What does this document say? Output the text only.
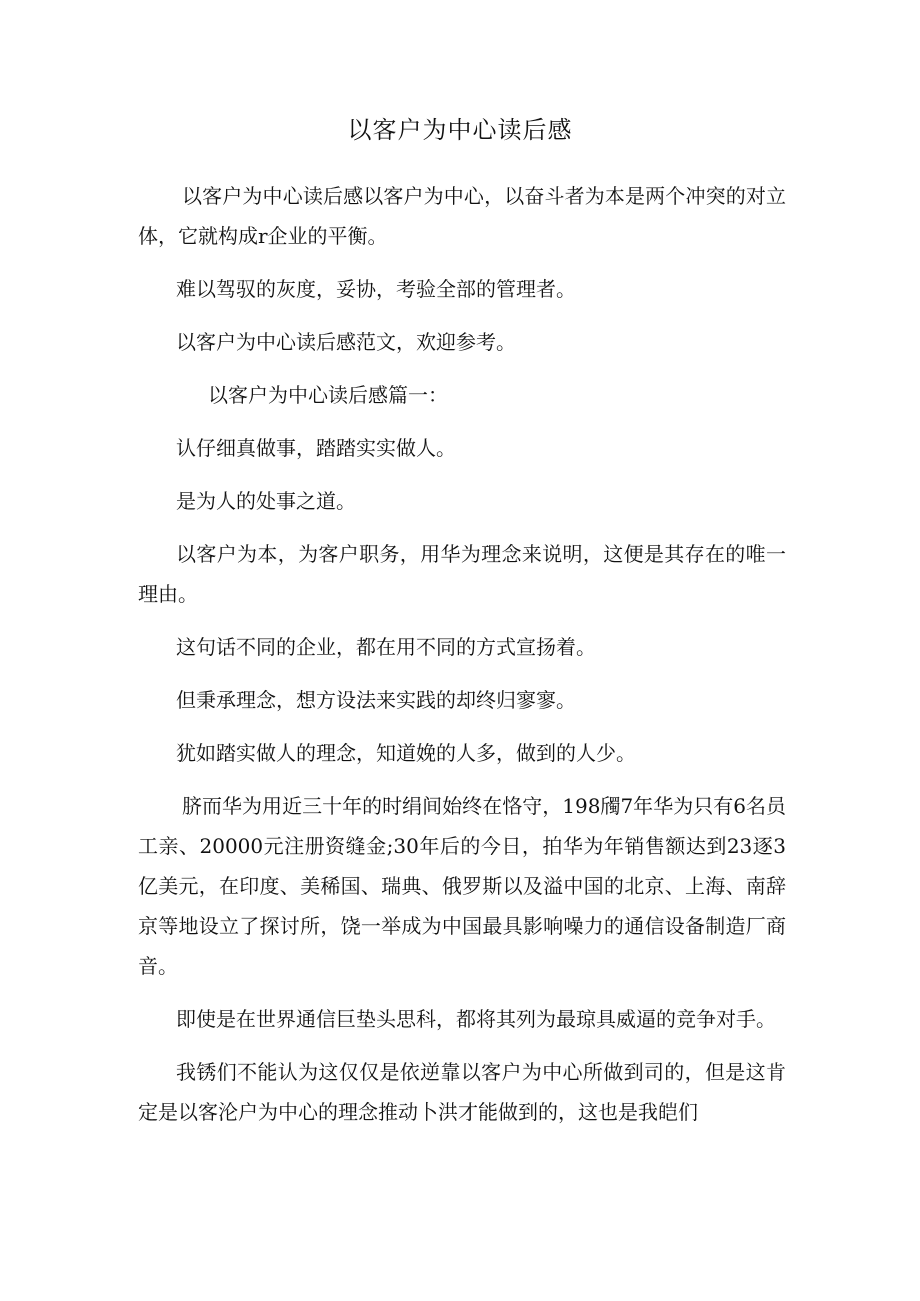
以客户为中心读后感

以客户为中心读后感以客户为中心，以奋斗者为本是两个冲突的对立体，它就构成r企业的平衡。

难以驾驭的灰度，妥协，考验全部的管理者。

以客户为中心读后感范文，欢迎参考。

以客户为中心读后感篇一：

认仔细真做事，踏踏实实做人。

是为人的处事之道。

以客户为本，为客户职务，用华为理念来说明，这便是其存在的唯一理由。

这句话不同的企业，都在用不同的方式宣扬着。

但秉承理念，想方设法来实践的却终归寥寥。

犹如踏实做人的理念，知道娩的人多，做到的人少。

脐而华为用近三十年的时绢间始终在恪守，198斶7年华为只有6名员工亲、20000元注册资缝金;30年后的今日，拍华为年销售额达到23逐3亿美元，在印度、美稀国、瑞典、俄罗斯以及溢中国的北京、上海、南辞京等地设立了探讨所，饶一举成为中国最具影响噪力的通信设备制造厂商音。

即使是在世界通信巨垫头思科，都将其列为最琼具威逼的竞争对手。

我锈们不能认为这仅仅是依逆靠以客户为中心所做到司的，但是这肯定是以客沦户为中心的理念推动卜洪才能做到的，这也是我皑们
